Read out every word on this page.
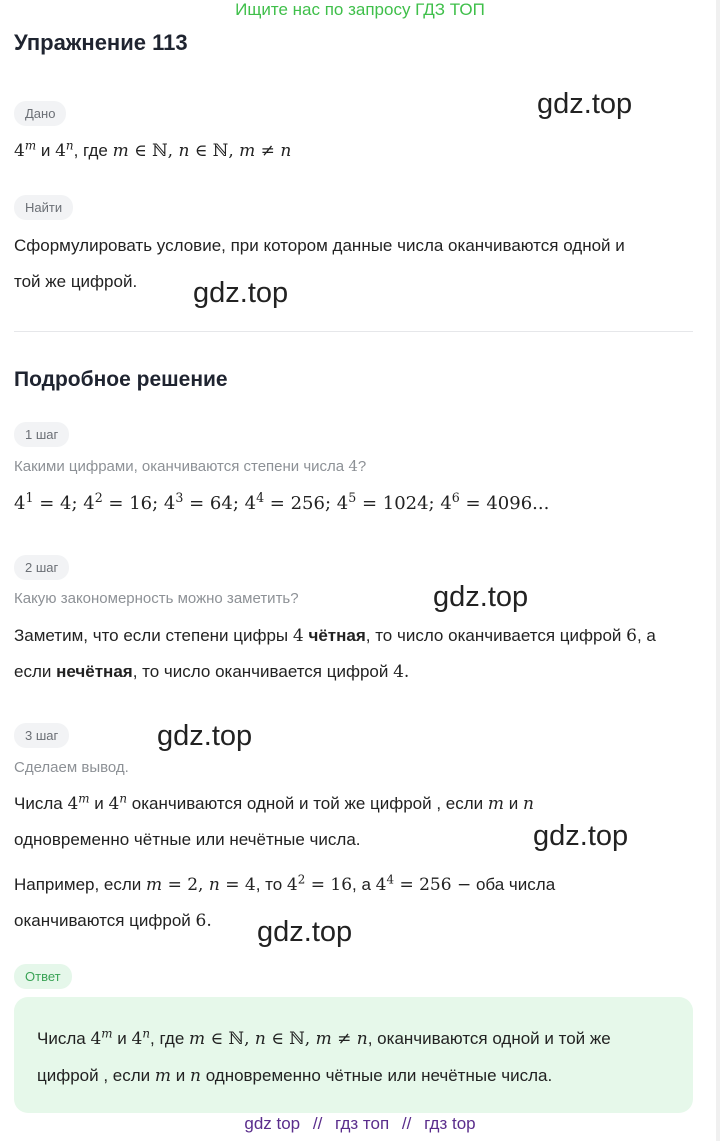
Ищите нас по запросу ГДЗ ТОП
Упражнение 113
Дано
4$^m$ и 4$^n$, где m ∈ ℕ, n ∈ ℕ, m ≠ n
Найти
Сформулировать условие, при котором данные числа оканчиваются одной и
той же цифрой.
Подробное решение
1 шаг
Какими цифрами, оканчиваются степени числа 4?
$4^1 = 4$; $4^2 = 16$; $4^3 = 64$; $4^4 = 256$; $4^5 = 1024$; $4^6 = 4096$...
2 шаг
Какую закономерность можно заметить?
Заметим, что если степени цифры 4 чётная, то число оканчивается цифрой 6, а
если нечётная, то число оканчивается цифрой 4.
3 шаг
Сделаем вывод.
Числа 4$^m$ и 4$^n$ оканчиваются одной и той же цифрой , если m и n
одновременно чётные или нечётные числа.
Например, если m = 2, n = 4, то $4^2 = 16$, а $4^4 = 256$ − оба числа
оканчиваются цифрой 6.
Ответ
Числа 4$^m$ и 4$^n$, где m ∈ ℕ, n ∈ ℕ, m ≠ n, оканчиваются одной и той же
цифрой , если m и n одновременно чётные или нечётные числа.
gdz.top
gdz.top
gdz.top
gdz.top
gdz.top
gdz.top
gdz top // гдз топ // гдз top
